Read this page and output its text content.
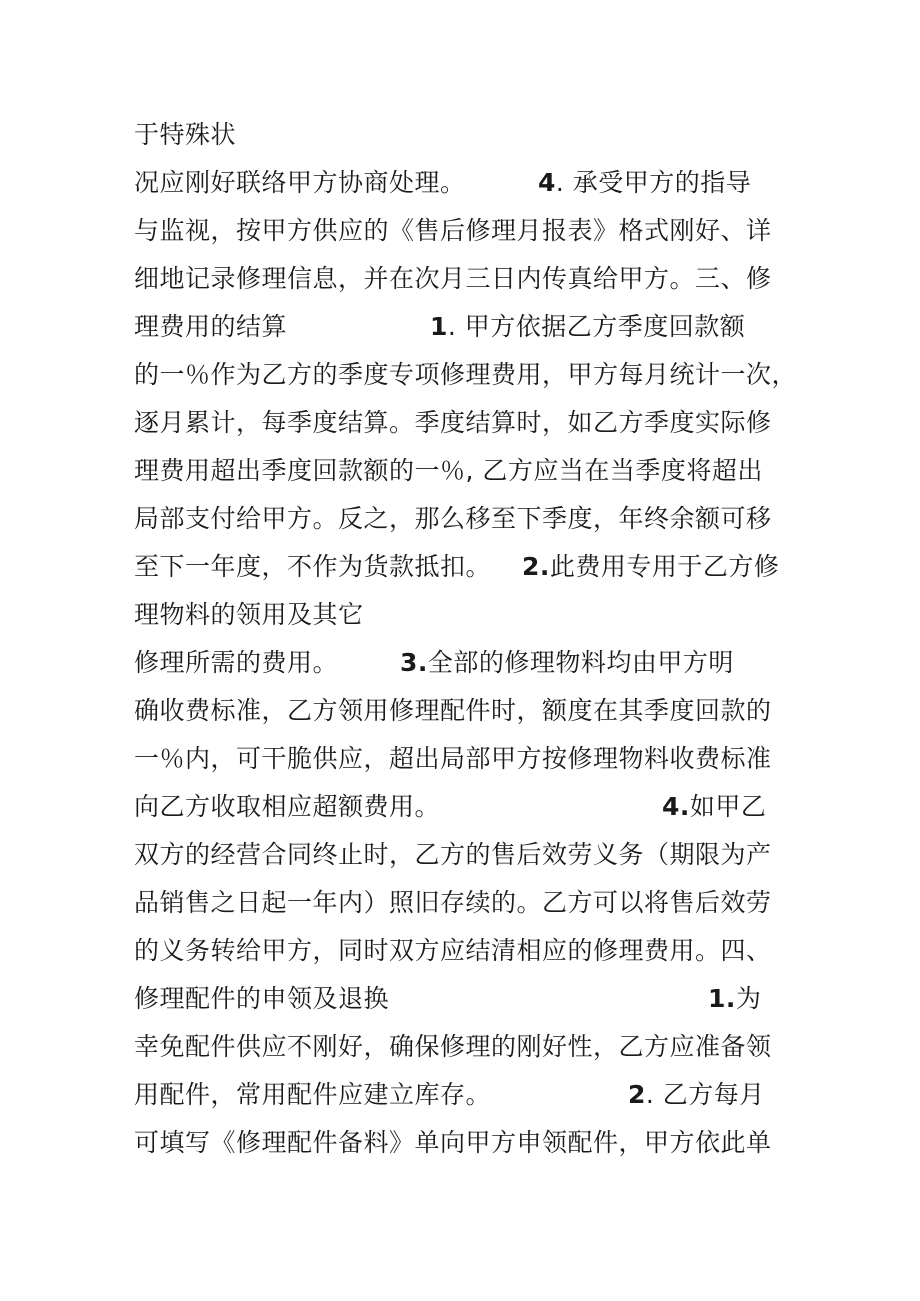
于特殊状
况应刚好联络甲方协商处理。	4. 承受甲方的指导
与监视，按甲方供应的《售后修理月报表》格式刚好、详
细地记录修理信息，并在次月三日内传真给甲方。三、修
理费用的结算	1. 甲方依据乙方季度回款额
的一％作为乙方的季度专项修理费用，甲方每月统计一次，
逐月累计，每季度结算。季度结算时，如乙方季度实际修
理费用超出季度回款额的一％, 乙方应当在当季度将超出
局部支付给甲方。反之，那么移至下季度，年终余额可移
至下一年度，不作为货款抵扣。 2.此费用专用于乙方修
理物料的领用及其它
修理所需的费用。 3.全部的修理物料均由甲方明
确收费标准，乙方领用修理配件时，额度在其季度回款的
一％内，可干脆供应，超出局部甲方按修理物料收费标准
向乙方收取相应超额费用。	4.如甲乙
双方的经营合同终止时，乙方的售后效劳义务（期限为产
品销售之日起一年内）照旧存续的。乙方可以将售后效劳
的义务转给甲方，同时双方应结清相应的修理费用。四、
修理配件的申领及退换	1.为
幸免配件供应不刚好，确保修理的刚好性，乙方应准备领
用配件，常用配件应建立库存。	2. 乙方每月
可填写《修理配件备料》单向甲方申领配件，甲方依此单
